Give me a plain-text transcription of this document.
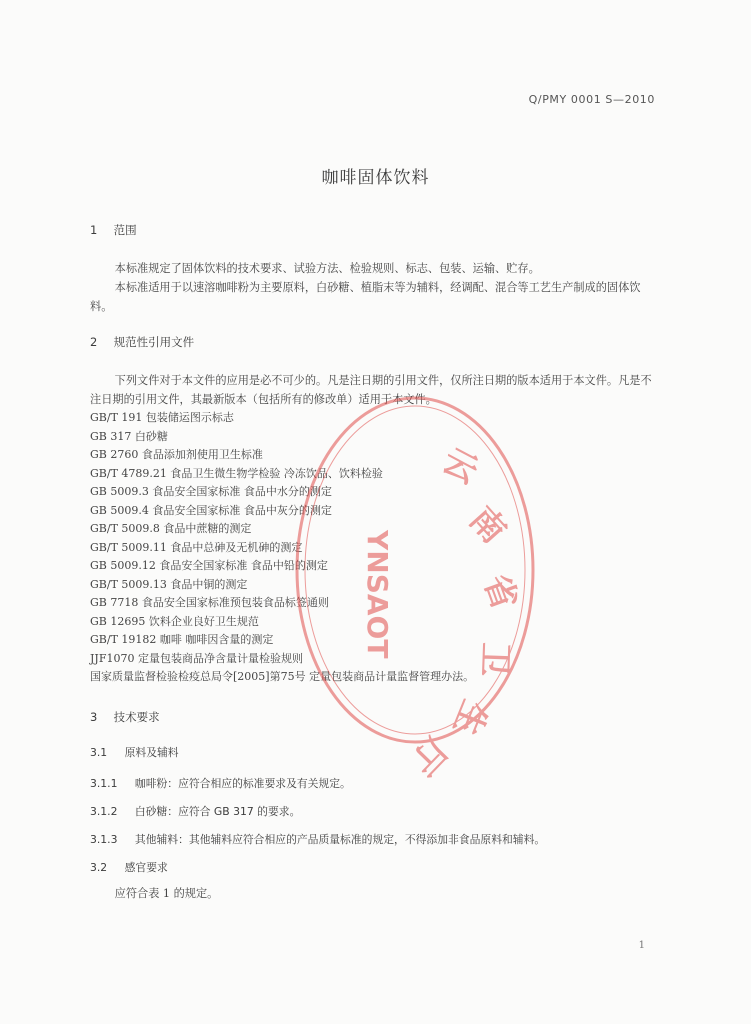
Q/PMY 0001 S—2010
咖啡固体饮料
1 范围
本标准规定了固体饮料的技术要求、试验方法、检验规则、标志、包装、运输、贮存。
本标准适用于以速溶咖啡粉为主要原料，白砂糖、植脂末等为辅料，经调配、混合等工艺生产制成的固体饮料。
2 规范性引用文件
下列文件对于本文件的应用是必不可少的。凡是注日期的引用文件，仅所注日期的版本适用于本文件。凡是不注日期的引用文件，其最新版本（包括所有的修改单）适用于本文件。
GB/T 191 包装储运图示标志
GB 317 白砂糖
GB 2760 食品添加剂使用卫生标准
GB/T 4789.21 食品卫生微生物学检验 冷冻饮品、饮料检验
GB 5009.3 食品安全国家标准 食品中水分的测定
GB 5009.4 食品安全国家标准 食品中灰分的测定
GB/T 5009.8 食品中蔗糖的测定
GB/T 5009.11 食品中总砷及无机砷的测定
GB 5009.12 食品安全国家标准 食品中铅的测定
GB/T 5009.13 食品中铜的测定
GB 7718 食品安全国家标准预包装食品标签通则
GB 12695 饮料企业良好卫生规范
GB/T 19182 咖啡 咖啡因含量的测定
JJF1070 定量包装商品净含量计量检验规则
国家质量监督检验检疫总局令[2005]第75号 定量包装商品计量监督管理办法。
3 技术要求
3.1 原料及辅料
3.1.1 咖啡粉：应符合相应的标准要求及有关规定。
3.1.2 白砂糖：应符合 GB 317 的要求。
3.1.3 其他辅料：其他辅料应符合相应的产品质量标准的规定，不得添加非食品原料和辅料。
3.2 感官要求
应符合表 1 的规定。
1
云
南
省
卫
生
厅
YNSAOT
